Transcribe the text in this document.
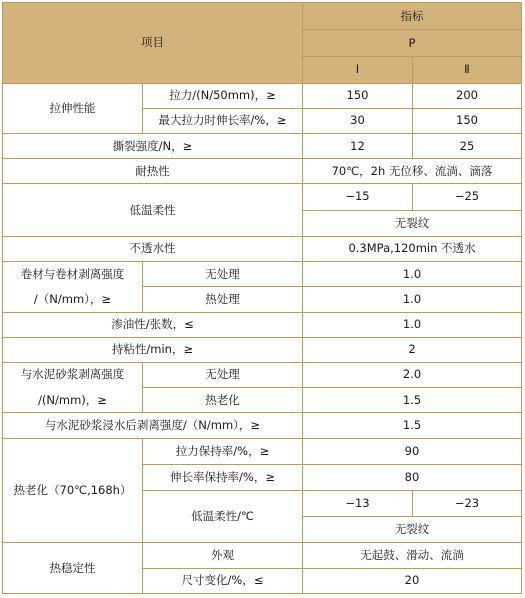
项目		指标	
		P	
		Ⅰ	Ⅱ
拉伸性能	拉力/(N/50mm)，≥	150	200
	最大拉力时伸长率/%，≥	30	150
撕裂强度/N，≥		12	25
耐热性		70℃，2h 无位移、流淌、滴落	
低温柔性		−15	−25
		无裂纹	
不透水性		0.3MPa,120min 不透水	

卷材与卷材剥离强度
/（N/mm），≥	无处理	1.0	
	热处理	1.0	
渗油性/张数，≤		1.0	
持粘性/min，≥		2	

与水泥砂浆剥离强度
/(N/mm)，≥	无处理	2.0	
	热老化	1.5	
与水泥砂浆浸水后剥离强度/（N/mm），≥		1.5	
热老化（70℃,168h）	拉力保持率/%，≥	90	
	伸长率保持率/%，≥	80	
	低温柔性/℃	−13	−23
		无裂纹	
热稳定性	外观	无起鼓、滑动、流淌	
	尺寸变化/%，≤	20	
